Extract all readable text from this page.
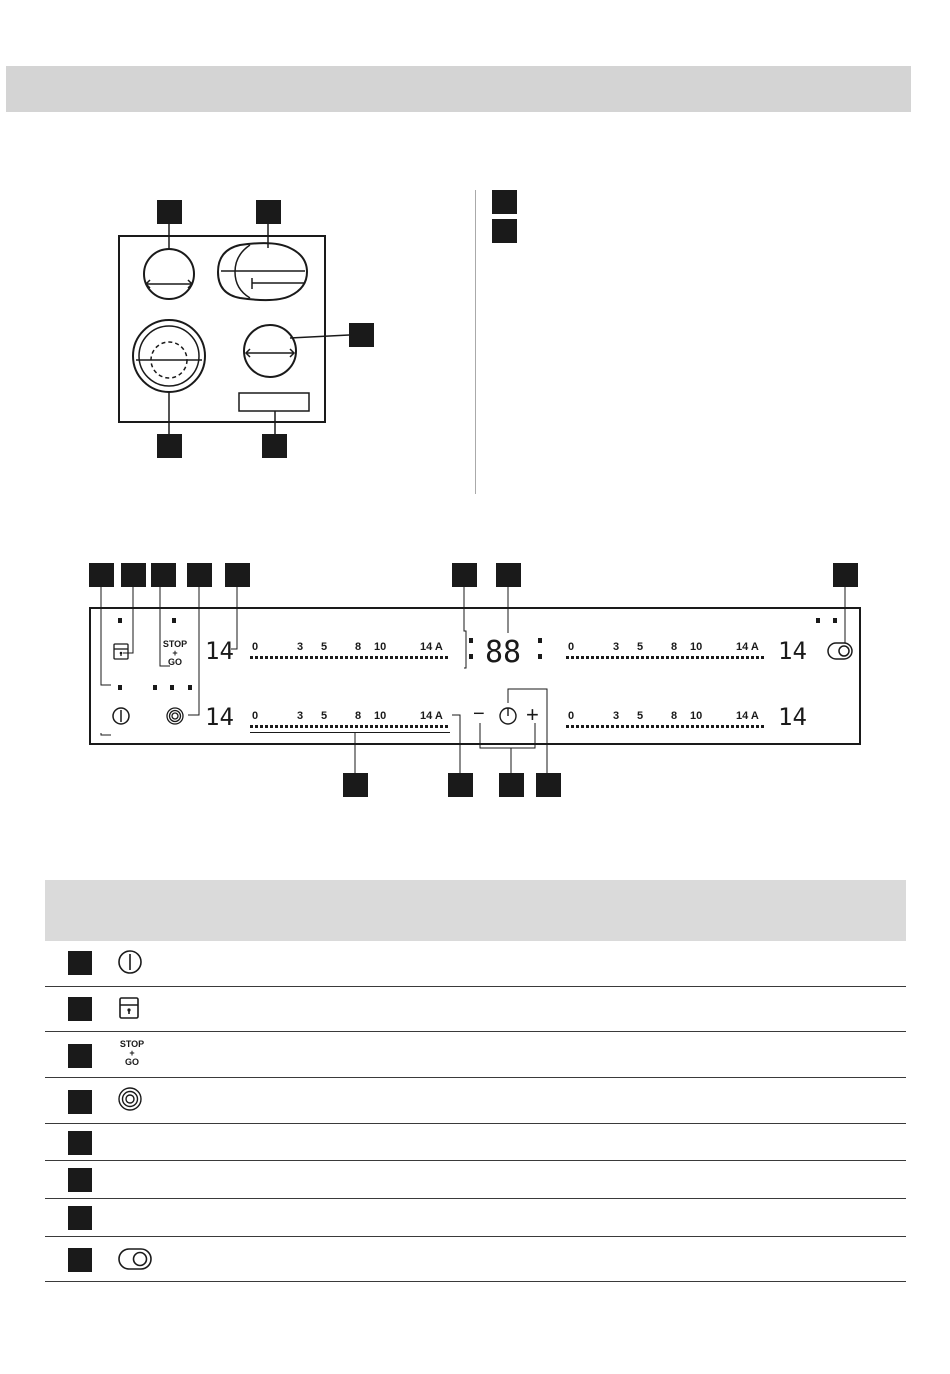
STOP
+
GO 14
14
14
14
88
− +
0	3 5	8 10	14 A
0	3 5	8 10	14 A
0	3 5	8 10	14 A
0	3 5	8 10	14 A
STOP
+
GO
